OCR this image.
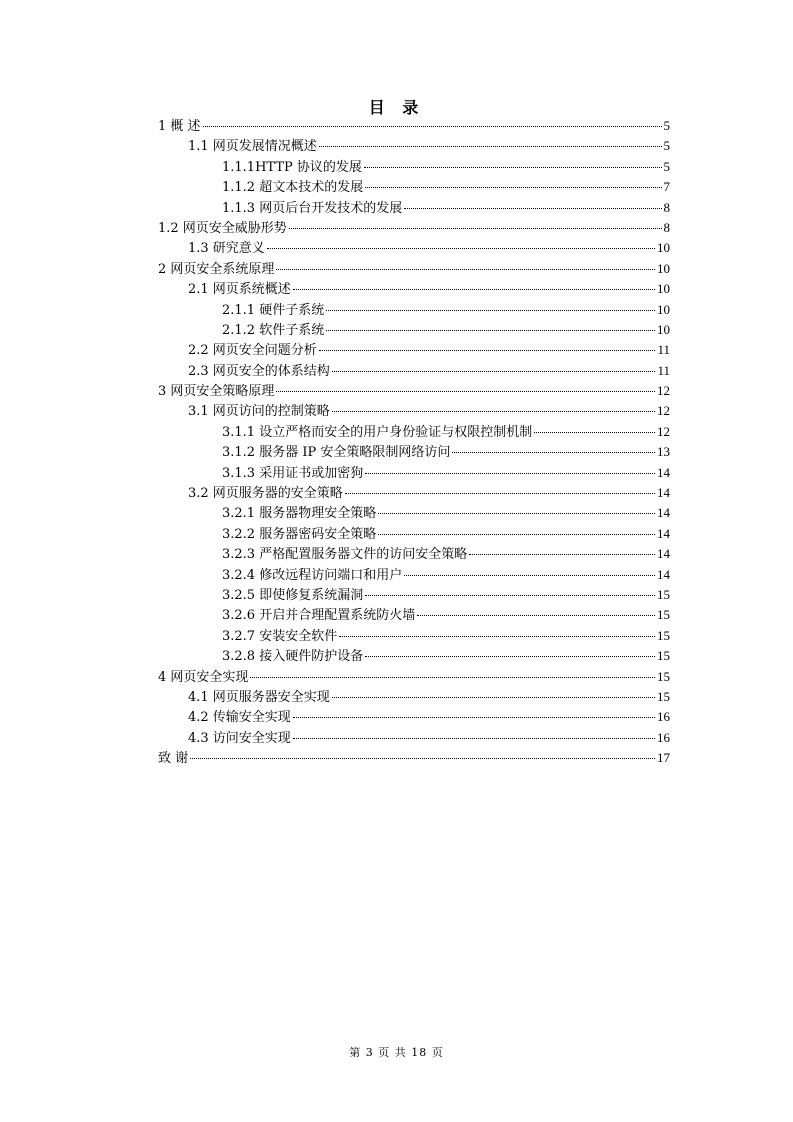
目 录
1 概 述	5
1.1 网页发展情况概述	5
1.1.1HTTP 协议的发展	5
1.1.2 超文本技术的发展	7
1.1.3 网页后台开发技术的发展	8
1.2 网页安全威胁形势	8
1.3 研究意义	10
2 网页安全系统原理	10
2.1 网页系统概述	10
2.1.1 硬件子系统	10
2.1.2 软件子系统	10
2.2 网页安全问题分析	11
2.3 网页安全的体系结构	11
3 网页安全策略原理	12
3.1 网页访问的控制策略	12
3.1.1 设立严格而安全的用户身份验证与权限控制机制	12
3.1.2 服务器 IP 安全策略限制网络访问	13
3.1.3 采用证书或加密狗	14
3.2 网页服务器的安全策略	14
3.2.1 服务器物理安全策略	14
3.2.2 服务器密码安全策略	14
3.2.3 严格配置服务器文件的访问安全策略	14
3.2.4 修改远程访问端口和用户	14
3.2.5 即使修复系统漏洞	15
3.2.6 开启并合理配置系统防火墙	15
3.2.7 安装安全软件	15
3.2.8 接入硬件防护设备	15
4 网页安全实现	15
4.1 网页服务器安全实现	15
4.2 传输安全实现	16
4.3 访问安全实现	16
致 谢	17
第 3 页 共 18 页
